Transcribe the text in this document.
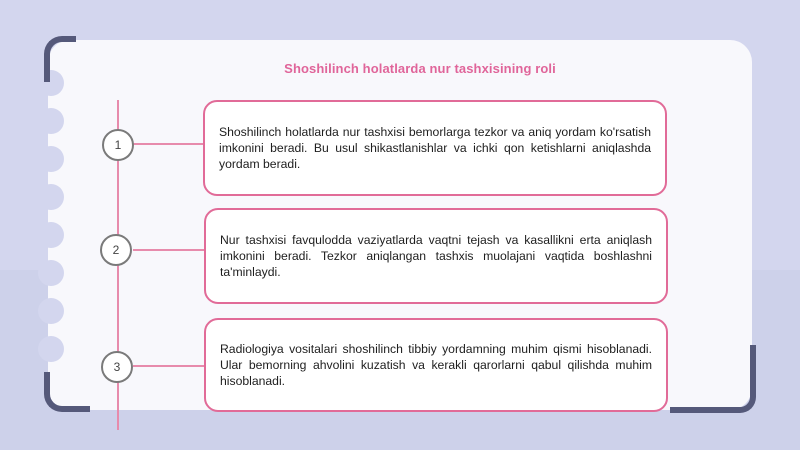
Shoshilinch holatlarda nur tashxisining roli
1

Shoshilinch holatlarda nur tashxisi bemorlarga tezkor va aniq yordam ko'rsatish imkonini beradi. Bu usul shikastlanishlar va ichki qon ketishlarni aniqlashda yordam beradi.

2

Nur tashxisi favqulodda vaziyatlarda vaqtni tejash va kasallikni erta aniqlash imkonini beradi. Tezkor aniqlangan tashxis muolajani vaqtida boshlashni ta'minlaydi.

3

Radiologiya vositalari shoshilinch tibbiy yordamning muhim qismi hisoblanadi. Ular bemorning ahvolini kuzatish va kerakli qarorlarni qabul qilishda muhim hisoblanadi.
